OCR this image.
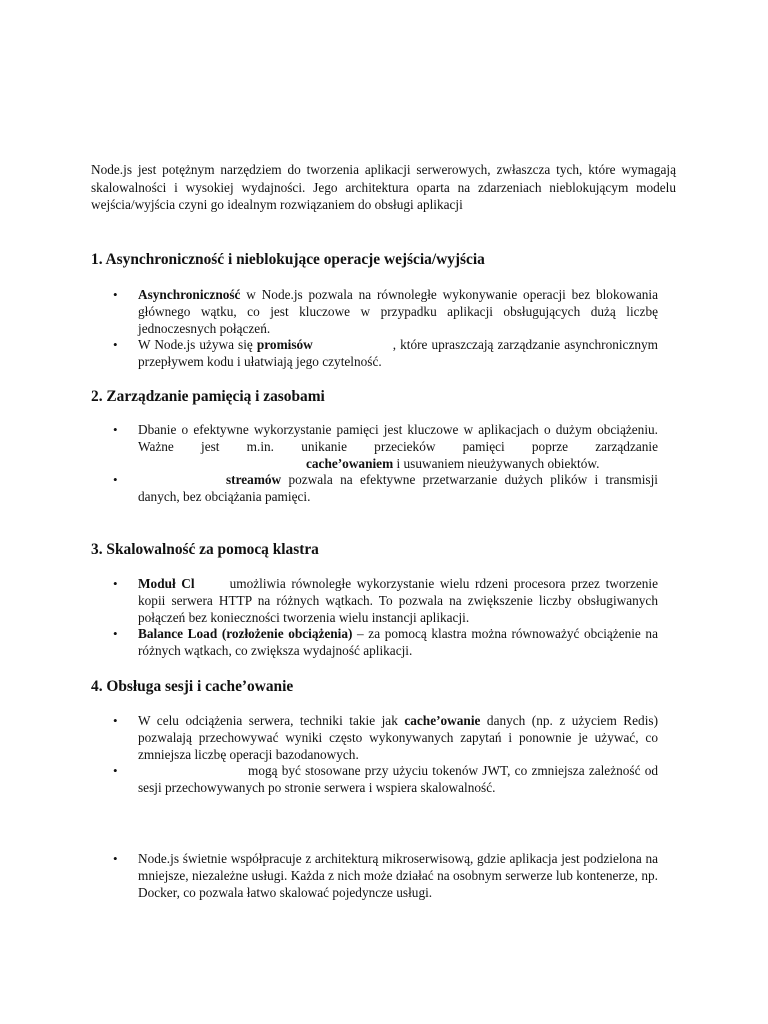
Node.js jest potężnym narzędziem do tworzenia aplikacji serwerowych, zwłaszcza tych, które wymagają skalowalności i wysokiej wydajności. Jego architektura oparta na zdarzeniach nieblokującym modelu wejścia/wyjścia czyni go idealnym rozwiązaniem do obsługi aplikacji

1. Asynchroniczność i nieblokujące operacje wejścia/wyjścia
• Asynchroniczność w Node.js pozwala na równoległe wykonywanie operacji bez blokowania głównego wątku, co jest kluczowe w przypadku aplikacji obsługujących dużą liczbę jednoczesnych połączeń.
• W Node.js używa się promisów	, które upraszczają zarządzanie asynchronicznym przepływem kodu i ułatwiają jego czytelność.
2. Zarządzanie pamięcią i zasobami
• Dbanie o efektywne wykorzystanie pamięci jest kluczowe w aplikacjach o dużym obciążeniu. Ważne jest m.in. unikanie przecieków pamięci poprze zarządzaniecache’owaniem i usuwaniem nieużywanych obiektów.
•	streamów pozwala na efektywne przetwarzanie dużych plików i transmisji danych, bez obciążania pamięci.
3. Skalowalność za pomocą klastra
• Moduł Cl	umożliwia równoległe wykorzystanie wielu rdzeni procesora przez tworzenie kopii serwera HTTP na różnych wątkach. To pozwala na zwiększenie liczby obsługiwanych połączeń bez konieczności tworzenia wielu instancji aplikacji.
• Balance Load (rozłożenie obciążenia) – za pomocą klastra można równoważyć obciążenie na różnych wątkach, co zwiększa wydajność aplikacji.
4. Obsługa sesji i cache’owanie
• W celu odciążenia serwera, techniki takie jak cache’owanie danych (np. z użyciem Redis) pozwalają przechowywać wyniki często wykonywanych zapytań i ponownie je używać, co zmniejsza liczbę operacji bazodanowych.
•	mogą być stosowane przy użyciu tokenów JWT, co zmniejsza zależność od sesji przechowywanych po stronie serwera i wspiera skalowalność.
• Node.js świetnie współpracuje z architekturą mikroserwisową, gdzie aplikacja jest podzielona na mniejsze, niezależne usługi. Każda z nich może działać na osobnym serwerze lub kontenerze, np. Docker, co pozwala łatwo skalować pojedyncze usługi.
